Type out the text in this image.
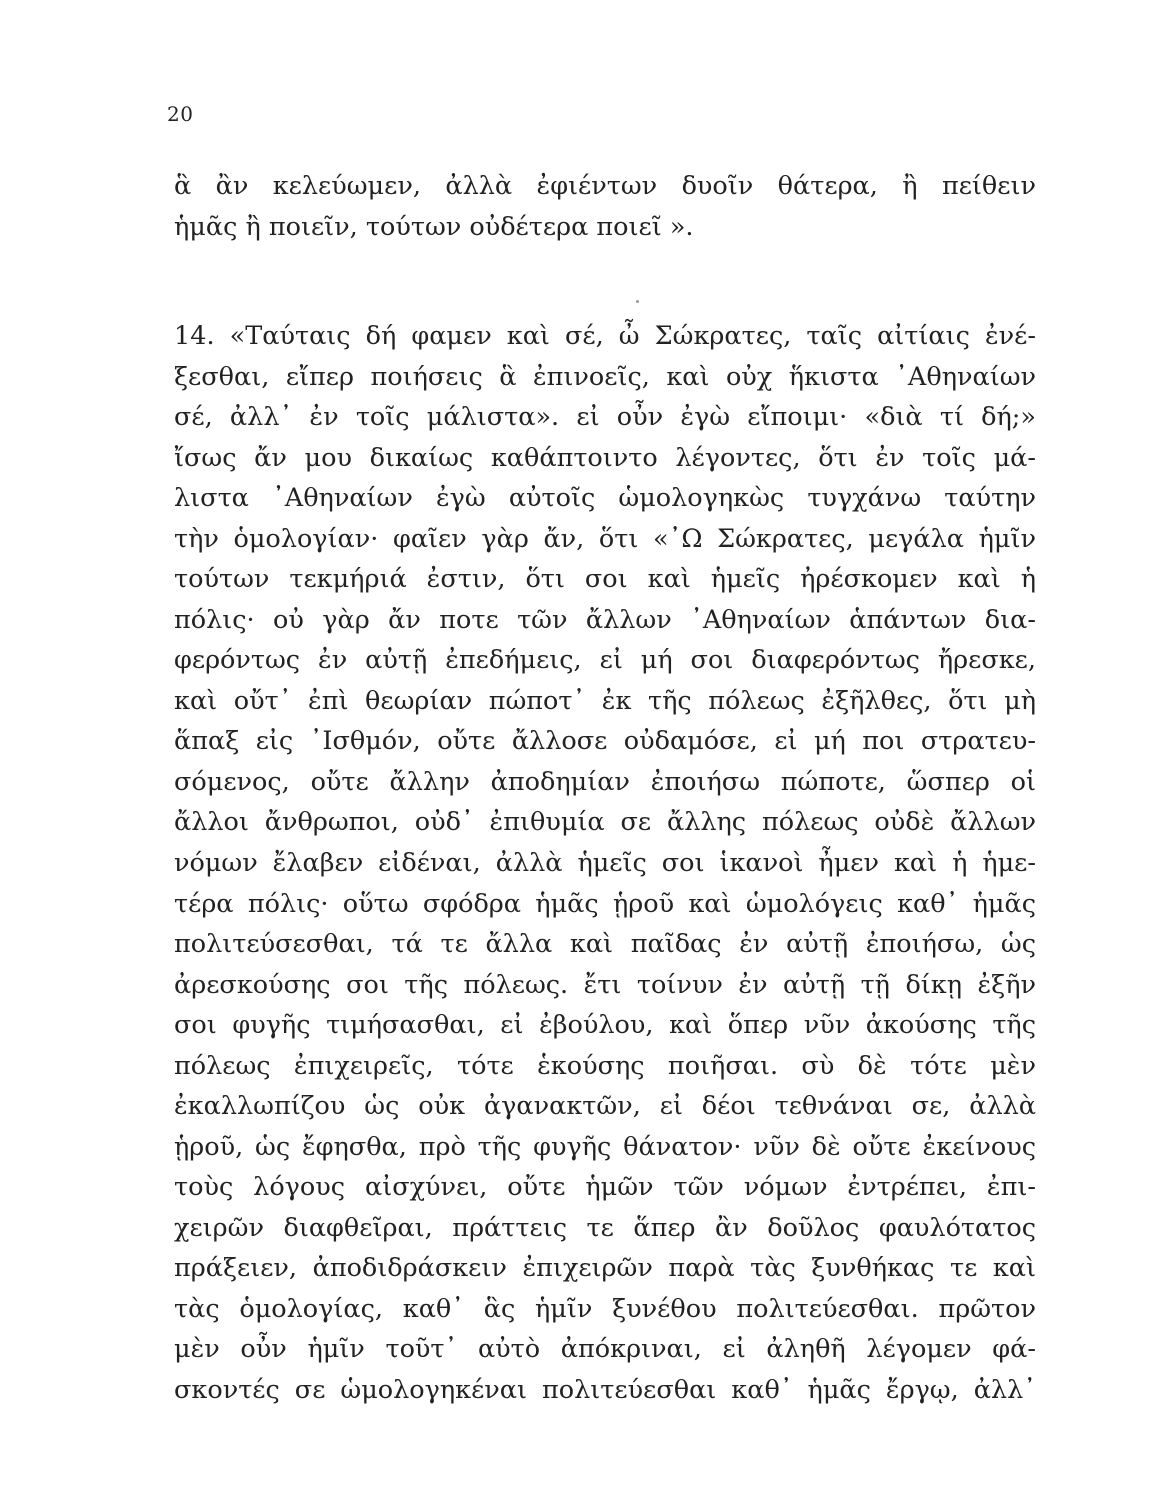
20
ἃ ἂν κελεύωμεν, ἀλλὰ ἐφιέντων δυοῖν θάτερα, ἢ πείθειν
ἡμᾶς ἢ ποιεῖν, τούτων οὐδέτερα ποιεῖ ».
14. «Ταύταις δή φαμεν καὶ σέ, ὦ Σώκρατες, ταῖς αἰτίαις ἐνέ-
ξεσθαι, εἴπερ ποιήσεις ἃ ἐπινοεῖς, καὶ οὐχ ἥκιστα ᾿Αθηναίων
σέ, ἀλλ᾽ ἐν τοῖς μάλιστα». εἰ οὖν ἐγὼ εἴποιμι· «διὰ τί δή;»
ἴσως ἄν μου δικαίως καθάπτοιντο λέγοντες, ὅτι ἐν τοῖς μά-
λιστα ᾿Αθηναίων ἐγὼ αὐτοῖς ὡμολογηκὼς τυγχάνω ταύτην
τὴν ὁμολογίαν· φαῖεν γὰρ ἄν, ὅτι «᾿Ω Σώκρατες, μεγάλα ἡμῖν
τούτων τεκμήριά ἐστιν, ὅτι σοι καὶ ἡμεῖς ἠρέσκομεν καὶ ἡ
πόλις· οὐ γὰρ ἄν ποτε τῶν ἄλλων ᾿Αθηναίων ἁπάντων δια-
φερόντως ἐν αὐτῇ ἐπεδήμεις, εἰ μή σοι διαφερόντως ἤρεσκε,
καὶ οὔτ᾽ ἐπὶ θεωρίαν πώποτ᾽ ἐκ τῆς πόλεως ἐξῆλθες, ὅτι μὴ
ἅπαξ εἰς ᾿Ισθμόν, οὔτε ἄλλοσε οὐδαμόσε, εἰ μή ποι στρατευ-
σόμενος, οὔτε ἄλλην ἀποδημίαν ἐποιήσω πώποτε, ὥσπερ οἱ
ἄλλοι ἄνθρωποι, οὐδ᾽ ἐπιθυμία σε ἄλλης πόλεως οὐδὲ ἄλλων
νόμων ἔλαβεν εἰδέναι, ἀλλὰ ἡμεῖς σοι ἱκανοὶ ἦμεν καὶ ἡ ἡμε-
τέρα πόλις· οὕτω σφόδρα ἡμᾶς ᾑροῦ καὶ ὡμολόγεις καθ᾽ ἡμᾶς
πολιτεύσεσθαι, τά τε ἄλλα καὶ παῖδας ἐν αὐτῇ ἐποιήσω, ὡς
ἀρεσκούσης σοι τῆς πόλεως. ἔτι τοίνυν ἐν αὐτῇ τῇ δίκῃ ἐξῆν
σοι φυγῆς τιμήσασθαι, εἰ ἐβούλου, καὶ ὅπερ νῦν ἀκούσης τῆς
πόλεως ἐπιχειρεῖς, τότε ἑκούσης ποιῆσαι. σὺ δὲ τότε μὲν
ἐκαλλωπίζου ὡς οὐκ ἀγανακτῶν, εἰ δέοι τεθνάναι σε, ἀλλὰ
ᾑροῦ, ὡς ἔφησθα, πρὸ τῆς φυγῆς θάνατον· νῦν δὲ οὔτε ἐκείνους
τοὺς λόγους αἰσχύνει, οὔτε ἡμῶν τῶν νόμων ἐντρέπει, ἐπι-
χειρῶν διαφθεῖραι, πράττεις τε ἅπερ ἂν δοῦλος φαυλότατος
πράξειεν, ἀποδιδράσκειν ἐπιχειρῶν παρὰ τὰς ξυνθήκας τε καὶ
τὰς ὁμολογίας, καθ᾽ ἃς ἡμῖν ξυνέθου πολιτεύεσθαι. πρῶτον
μὲν οὖν ἡμῖν τοῦτ᾽ αὐτὸ ἀπόκριναι, εἰ ἀληθῆ λέγομεν φά-
σκοντές σε ὡμολογηκέναι πολιτεύεσθαι καθ᾽ ἡμᾶς ἔργῳ, ἀλλ᾽
